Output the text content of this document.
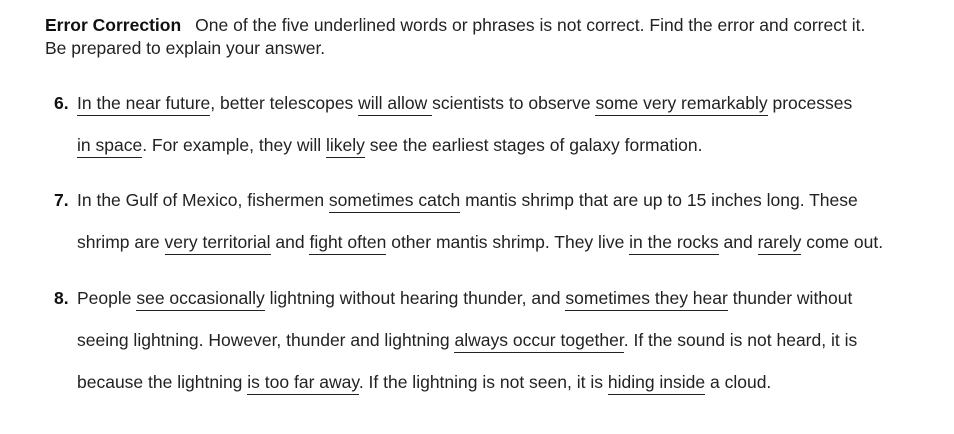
Error Correction One of the five underlined words or phrases is not correct. Find the error and correct it.
Be prepared to explain your answer.
6. In the near future, better telescopes will allow scientists to observe some very remarkably processes
in space. For example, they will likely see the earliest stages of galaxy formation.
7. In the Gulf of Mexico, fishermen sometimes catch mantis shrimp that are up to 15 inches long. These
shrimp are very territorial and fight often other mantis shrimp. They live in the rocks and rarely come out.
8. People see occasionally lightning without hearing thunder, and sometimes they hear thunder without
seeing lightning. However, thunder and lightning always occur together. If the sound is not heard, it is
because the lightning is too far away. If the lightning is not seen, it is hiding inside a cloud.
